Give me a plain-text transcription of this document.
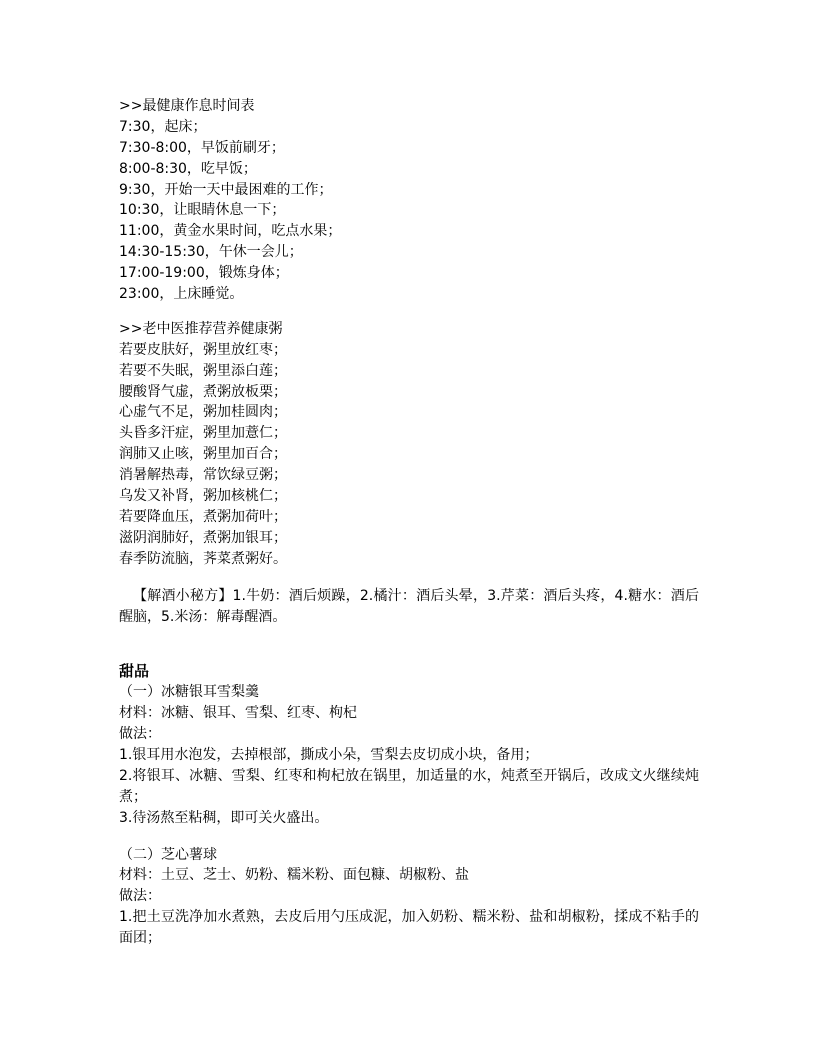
>>最健康作息时间表
7:30，起床；
7:30-8:00，早饭前刷牙；
8:00-8:30，吃早饭；
9:30，开始一天中最困难的工作；
10:30，让眼睛休息一下；
11:00，黄金水果时间，吃点水果；
14:30-15:30，午休一会儿；
17:00-19:00，锻炼身体；
23:00，上床睡觉。
>>老中医推荐营养健康粥
若要皮肤好，粥里放红枣；
若要不失眠，粥里添白莲；
腰酸肾气虚，煮粥放板栗；
心虚气不足，粥加桂圆肉；
头昏多汗症，粥里加薏仁；
润肺又止咳，粥里加百合；
消暑解热毒，常饮绿豆粥；
乌发又补肾，粥加核桃仁；
若要降血压，煮粥加荷叶；
滋阴润肺好，煮粥加银耳；
春季防流脑，荠菜煮粥好。
【解酒小秘方】1.牛奶：酒后烦躁，2.橘汁：酒后头晕，3.芹菜：酒后头疼，4.糖水：酒后醒脑，5.米汤：解毒醒酒。
甜品
（一）冰糖银耳雪梨羹
材料：冰糖、银耳、雪梨、红枣、枸杞
做法：
1.银耳用水泡发，去掉根部，撕成小朵，雪梨去皮切成小块，备用；
2.将银耳、冰糖、雪梨、红枣和枸杞放在锅里，加适量的水，炖煮至开锅后，改成文火继续炖煮；
3.待汤熬至粘稠，即可关火盛出。
（二）芝心薯球
材料：土豆、芝士、奶粉、糯米粉、面包糠、胡椒粉、盐
做法：
1.把土豆洗净加水煮熟，去皮后用勺压成泥，加入奶粉、糯米粉、盐和胡椒粉，揉成不粘手的面团；
